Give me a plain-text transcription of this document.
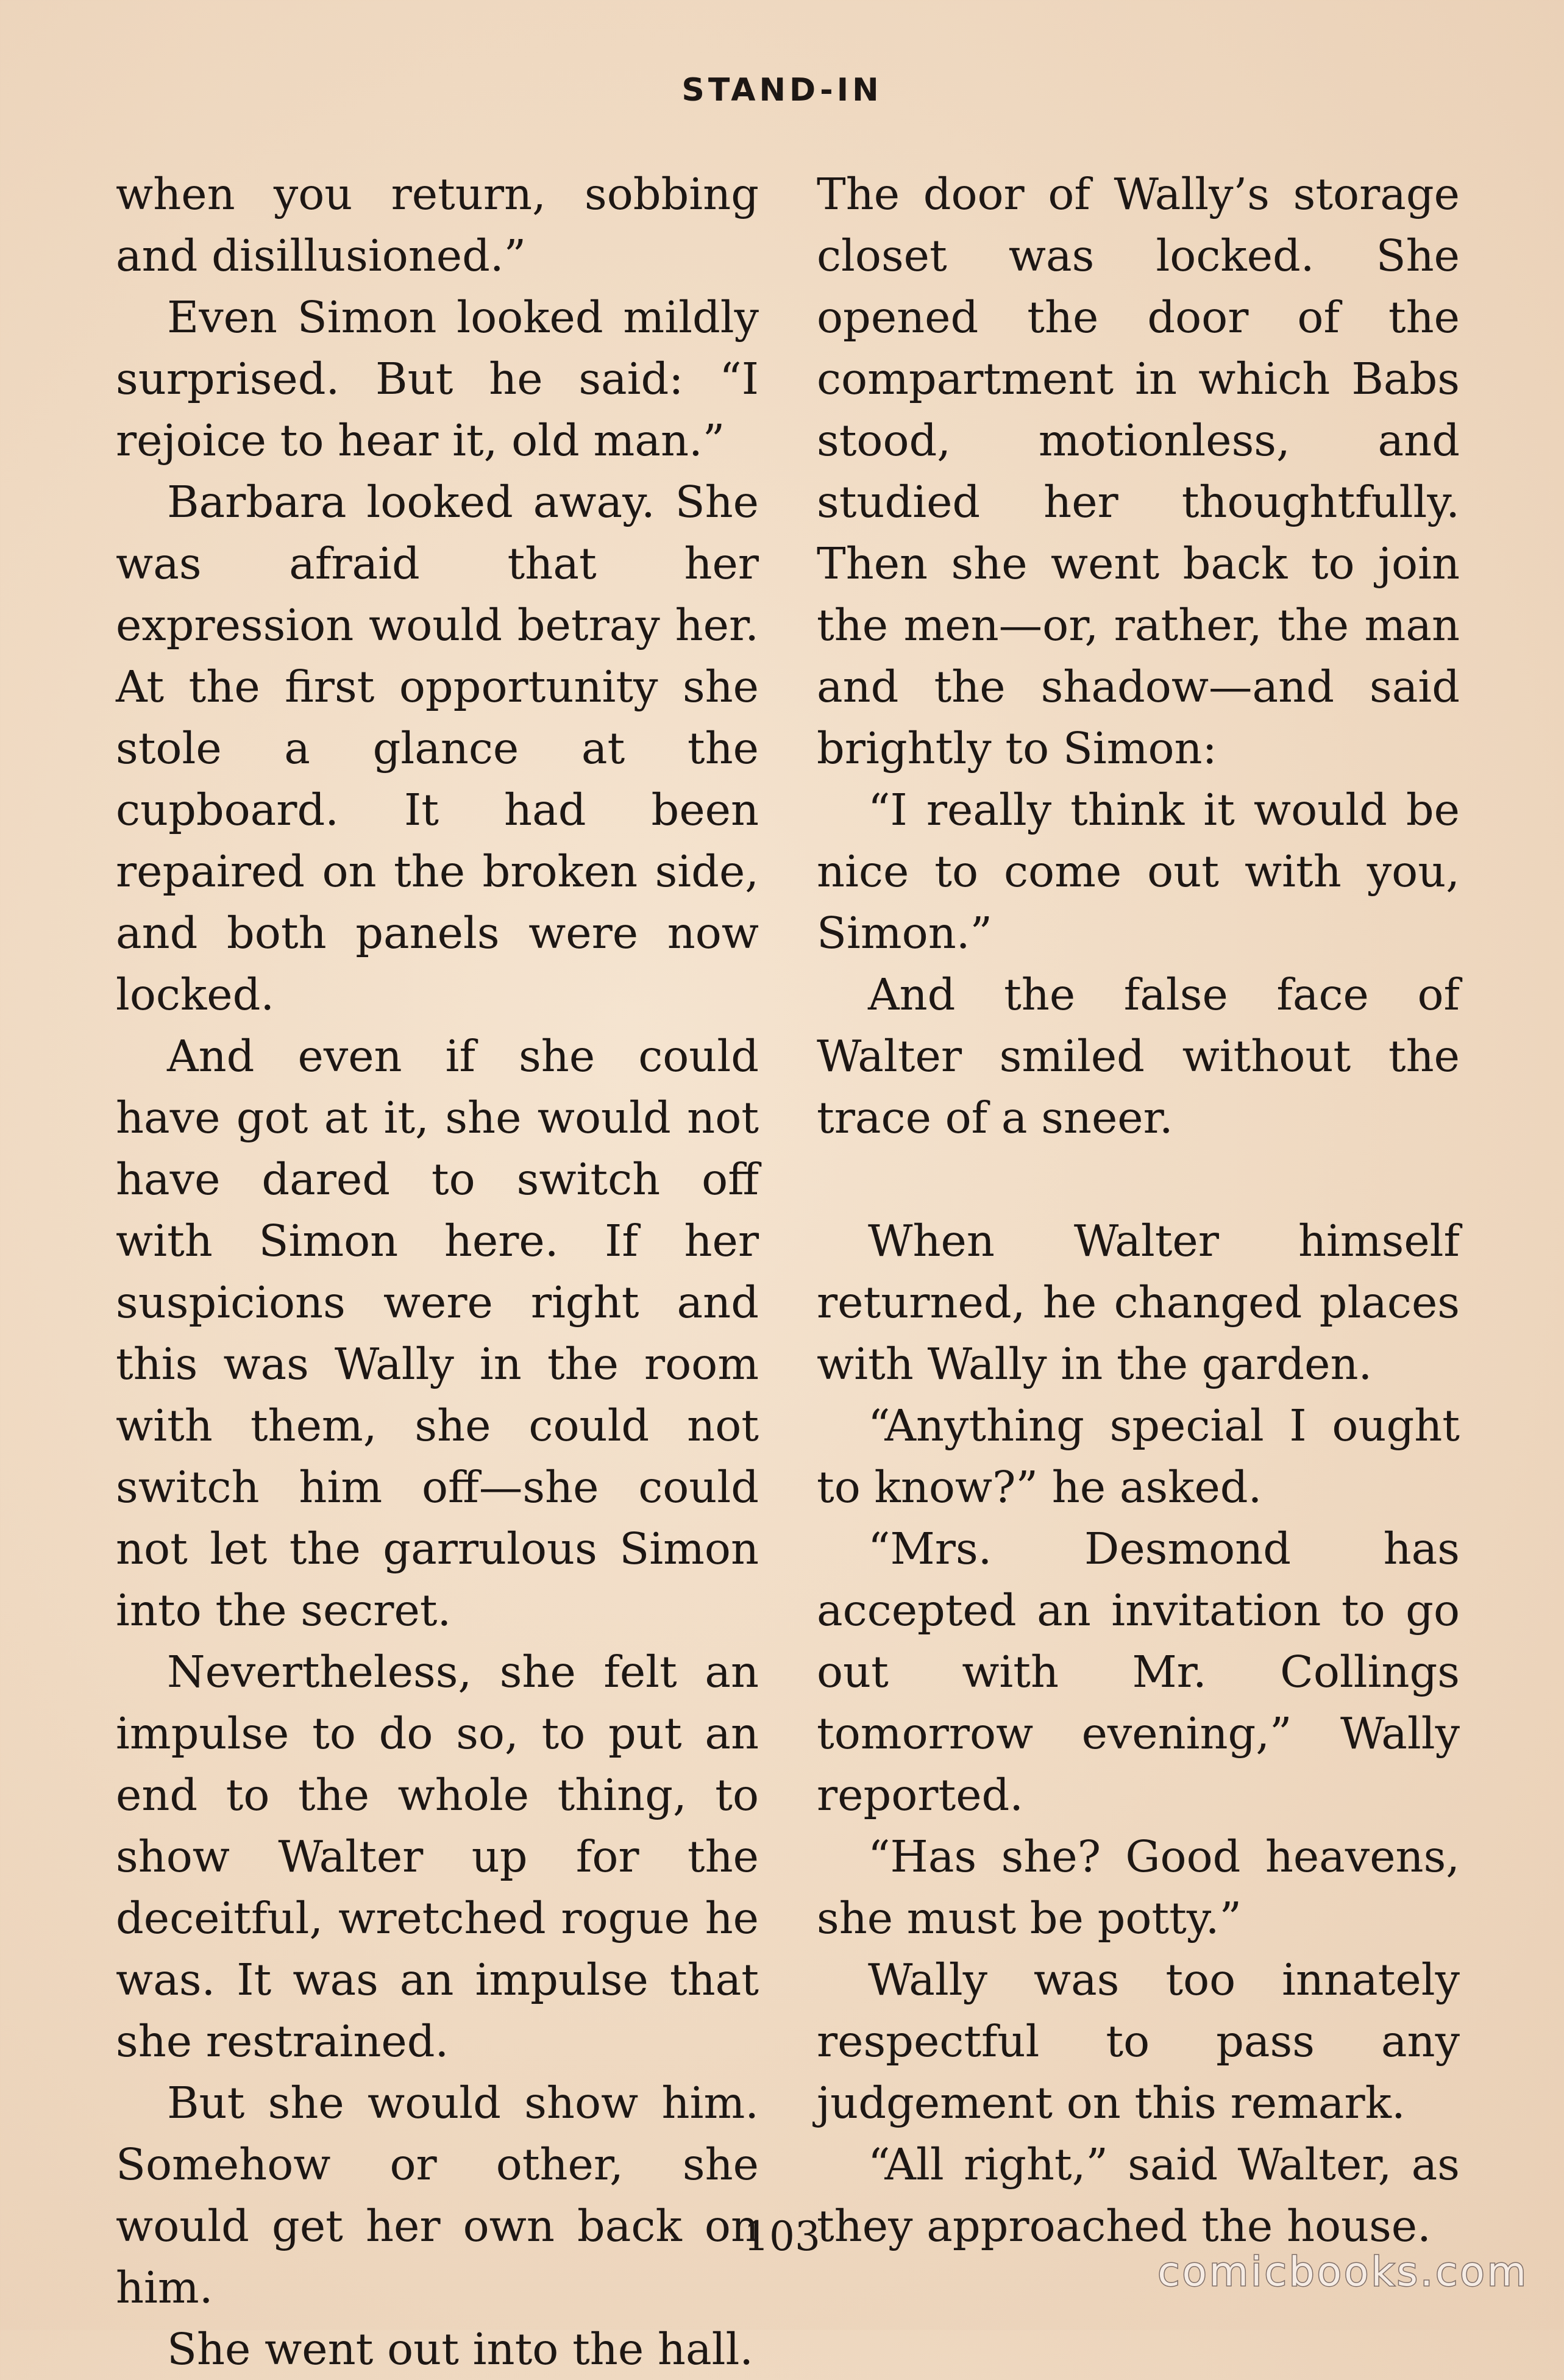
STAND-IN

when you return, sobbing and disillusioned.”

Even Simon looked mildly surprised. But he said: “I rejoice to hear it, old man.”

Barbara looked away. She was afraid that her expression would betray her. At the first opportunity she stole a glance at the cupboard. It had been repaired on the broken side, and both panels were now locked.

And even if she could have got at it, she would not have dared to switch off with Simon here. If her suspicions were right and this was Wally in the room with them, she could not switch him off—she could not let the garrulous Simon into the secret.

Nevertheless, she felt an impulse to do so, to put an end to the whole thing, to show Walter up for the deceitful, wretched rogue he was. It was an impulse that she restrained.

But she would show him. Somehow or other, she would get her own back on him.

She went out into the hall.

The door of Wally’s storage closet was locked. She opened the door of the compartment in which Babs stood, motionless, and studied her thoughtfully. Then she went back to join the men—or, rather, the man and the shadow—and said brightly to Simon:

“I really think it would be nice to come out with you, Simon.”

And the false face of Walter smiled without the trace of a sneer.

When Walter himself returned, he changed places with Wally in the garden.

“Anything special I ought to know?” he asked.

“Mrs. Desmond has accepted an invitation to go out with Mr. Collings tomorrow evening,” Wally reported.

“Has she? Good heavens, she must be potty.”

Wally was too innately respectful to pass any judgement on this remark.

“All right,” said Walter, as they approached the house.

103
comicbooks.com
